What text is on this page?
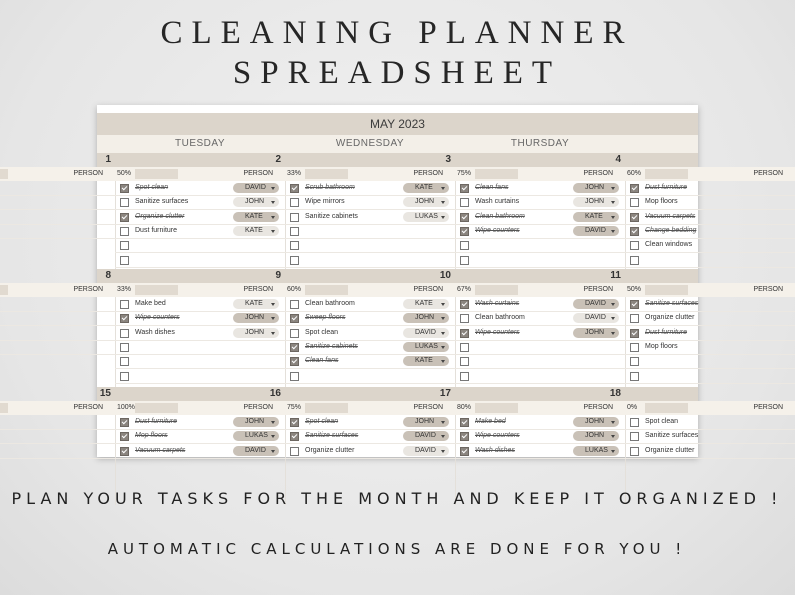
CLEANING PLANNER
SPREADSHEET
MAY 2023
TUESDAY	WEDNESDAY	THURSDAY
1
PERSON
2
50%	PERSON
Spot clean	DAVID
Sanitize surfaces	JOHN
Organize clutter	KATE
Dust furniture	KATE
3
33%	PERSON
Scrub bathroom	KATE
Wipe mirrors	JOHN
Sanitize cabinets	LUKAS
4
75%	PERSON
Clean fans	JOHN
Wash curtains	JOHN
Clean bathroom	KATE
Wipe counters	DAVID
60%	PERSON
Dust furniture
Mop floors
Vacuum carpets
Change bedding
Clean windows
8
PERSON
9
33%	PERSON
Make bed	KATE
Wipe counters	JOHN
Wash dishes	JOHN
10
60%	PERSON
Clean bathroom	KATE
Sweep floors	JOHN
Spot clean	DAVID
Sanitize cabinets	LUKAS
Clean fans	KATE
11
67%	PERSON
Wash curtains	DAVID
Clean bathroom	DAVID
Wipe counters	JOHN
50%	PERSON
Sanitize surfaces
Organize clutter
Dust furniture
Mop floors
15
PERSON
16
100%	PERSON
Dust furniture	JOHN
Mop floors	LUKAS
Vacuum carpets	DAVID
17
75%	PERSON
Spot clean	JOHN
Sanitize surfaces	DAVID
Organize clutter	DAVID
18
80%	PERSON
Make bed	JOHN
Wipe counters	JOHN
Wash dishes	LUKAS
0%	PERSON
Spot clean
Sanitize surfaces
Organize clutter
PLAN YOUR TASKS FOR THE MONTH AND KEEP IT ORGANIZED !
AUTOMATIC CALCULATIONS ARE DONE FOR YOU !
